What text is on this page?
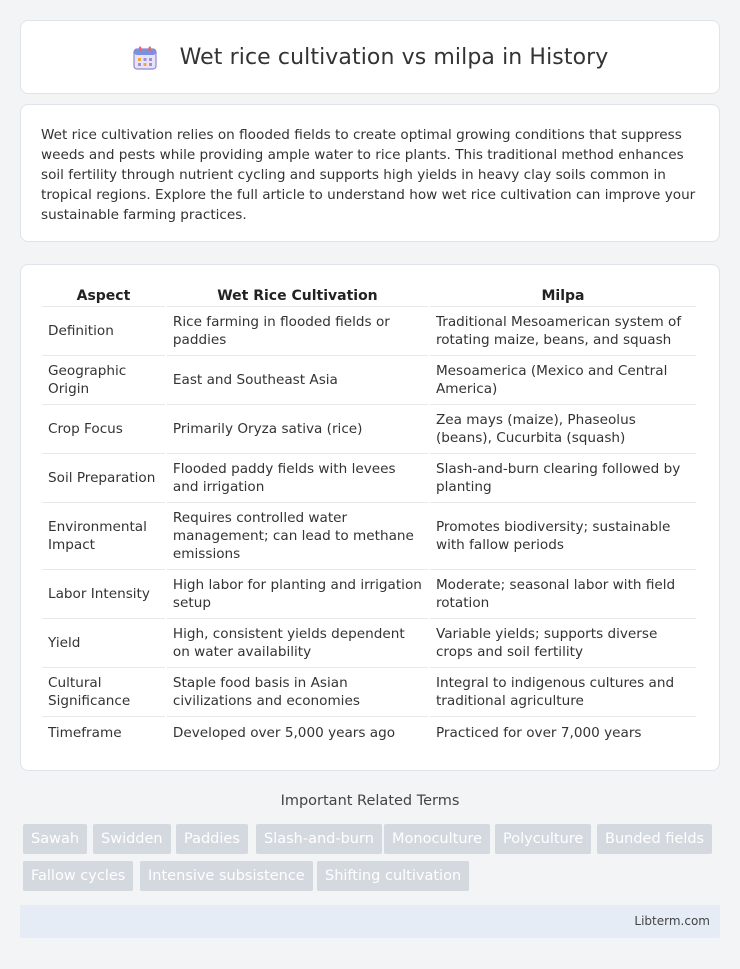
Wet rice cultivation vs milpa in History

Wet rice cultivation relies on flooded fields to create optimal growing conditions that suppress weeds and pests while providing ample water to rice plants. This traditional method enhances soil fertility through nutrient cycling and supports high yields in heavy clay soils common in tropical regions. Explore the full article to understand how wet rice cultivation can improve your sustainable farming practices.

Aspect	Wet Rice Cultivation	Milpa
Definition	Rice farming in flooded fields or paddies	Traditional Mesoamerican system of rotating maize, beans, and squash
Geographic Origin	East and Southeast Asia	Mesoamerica (Mexico and Central America)
Crop Focus	Primarily Oryza sativa (rice)	Zea mays (maize), Phaseolus (beans), Cucurbita (squash)
Soil Preparation	Flooded paddy fields with levees and irrigation	Slash-and-burn clearing followed by planting
Environmental Impact	Requires controlled water management; can lead to methane emissions	Promotes biodiversity; sustainable with fallow periods
Labor Intensity	High labor for planting and irrigation setup	Moderate; seasonal labor with field rotation
Yield	High, consistent yields dependent on water availability	Variable yields; supports diverse crops and soil fertility
Cultural Significance	Staple food basis in Asian civilizations and economies	Integral to indigenous cultures and traditional agriculture
Timeframe	Developed over 5,000 years ago	Practiced for over 7,000 years
Important Related Terms
Sawah	Swidden	Paddies	Slash-and-burn	Monoculture	Polyculture	Bunded fields
Fallow cycles	Intensive subsistence	Shifting cultivation
Libterm.com
